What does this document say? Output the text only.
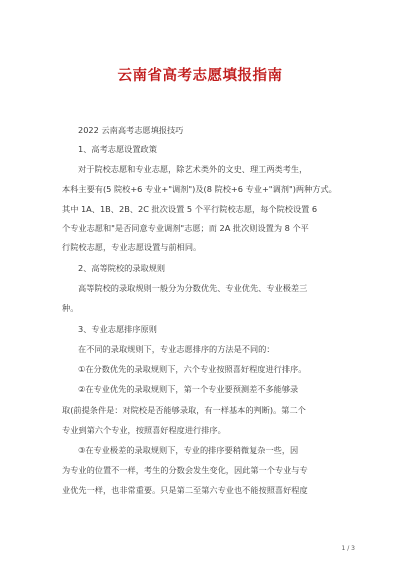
云南省高考志愿填报指南
2022 云南高考志愿填报技巧
1、高考志愿设置政策
对于院校志愿和专业志愿，除艺术类外的文史、理工两类考生，
本科主要有(5 院校+6 专业+"调剂")及(8 院校+6 专业+"调剂")两种方式。
其中 1A、1B、2B、2C 批次设置 5 个平行院校志愿，每个院校设置 6
个专业志愿和"是否同意专业调剂"志愿；而 2A 批次则设置为 8 个平
行院校志愿，专业志愿设置与前相同。
2、高等院校的录取规则
高等院校的录取规则一般分为分数优先、专业优先、专业极差三
种。
3、专业志愿排序原则
在不同的录取规则下，专业志愿排序的方法是不同的：
①在分数优先的录取规则下，六个专业按照喜好程度进行排序。
②在专业优先的录取规则下，第一个专业要预测差不多能够录
取(前提条件是：对院校是否能够录取，有一样基本的判断)。第二个
专业到第六个专业，按照喜好程度进行排序。
③在专业极差的录取规则下，专业的排序要稍微复杂一些，因
为专业的位置不一样，考生的分数会发生变化，因此第一个专业与专
业优先一样，也非常重要。只是第二至第六专业也不能按照喜好程度
1 / 3
